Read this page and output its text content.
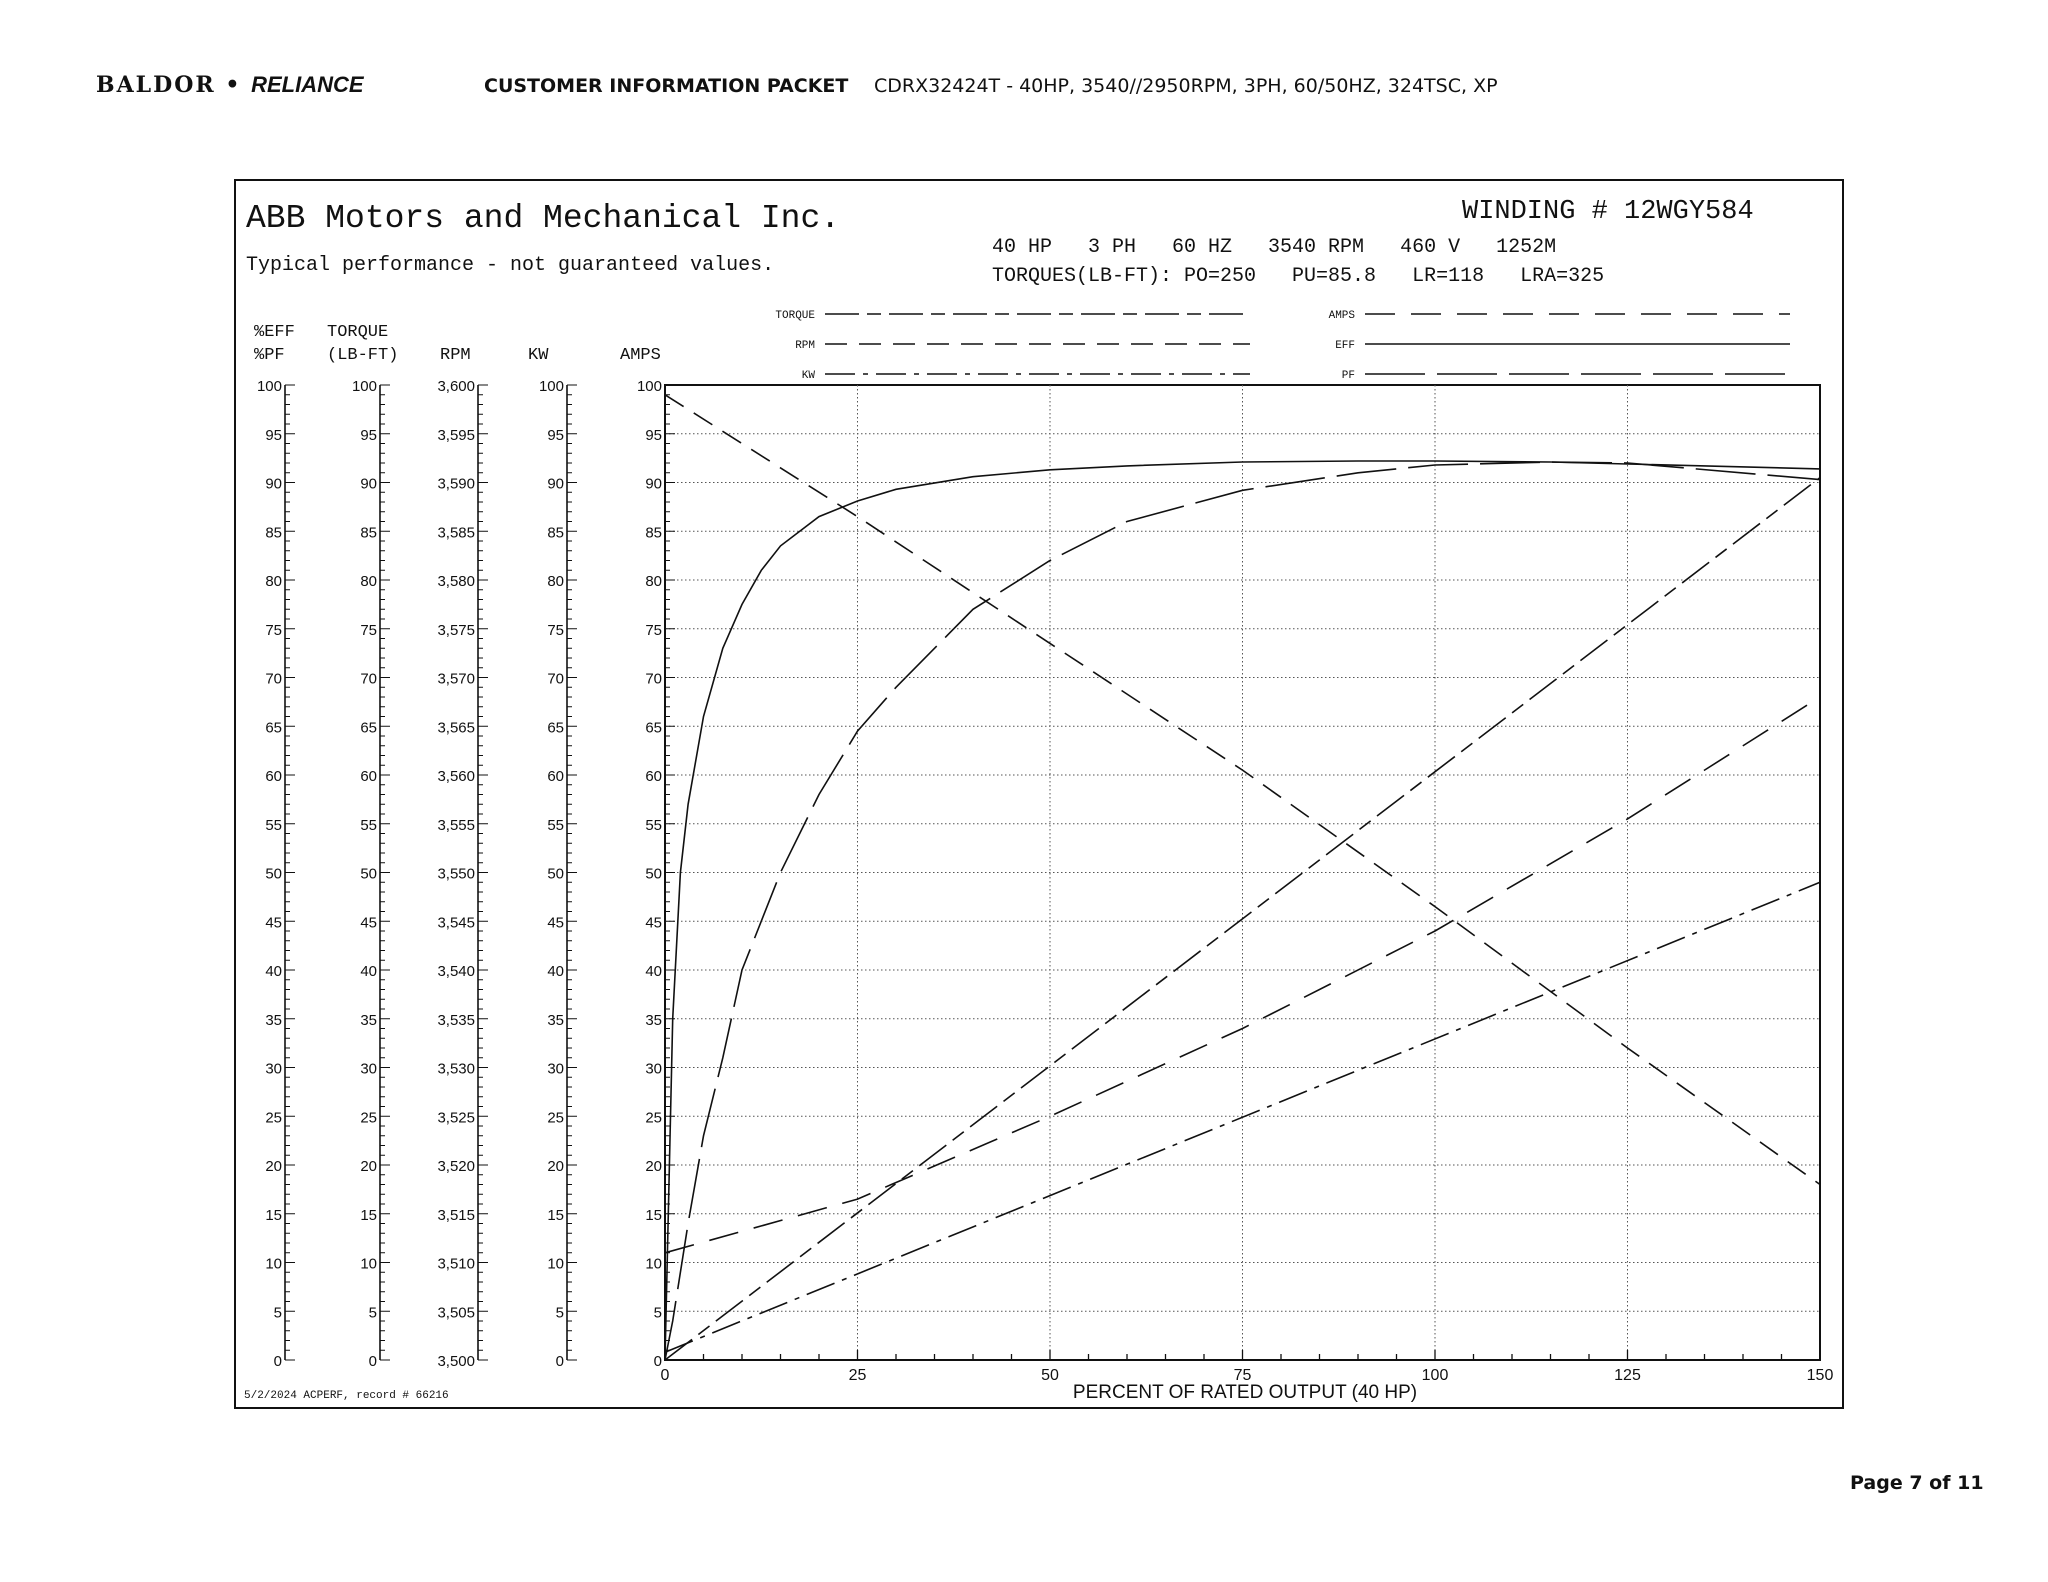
BALDOR • RELIANCE	CUSTOMER INFORMATION PACKET CDRX32424T - 40HP, 3540//2950RPM, 3PH, 60/50HZ, 324TSC, XP
ABB Motors and Mechanical Inc.
Typical performance - not guaranteed values.
WINDING # 12WGY584
40 HP   3 PH   60 HZ   3540 RPM   460 V   1252M
TORQUES(LB-FT): PO=250   PU=85.8   LR=118   LRA=325
PERCENT OF RATED OUTPUT (40 HP)
5/2/2024 ACPERF, record # 66216
0	25	50	75	100	125	150
100
95
90
85
80
75
70
65
60
55
50
45
40
35
30
25
20
15
10
5
0
%EFF
%PF
100
95
90
85
80
75
70
65
60
55
50
45
40
35
30
25
20
15
10
5
0
TORQUE
(LB-FT)
3,600
3,595
3,590
3,585
3,580
3,575
3,570
3,565
3,560
3,555
3,550
3,545
3,540
3,535
3,530
3,525
3,520
3,515
3,510
3,505
3,500
RPM
100
95
90
85
80
75
70
65
60
55
50
45
40
35
30
25
20
15
10
5
0
KW
100
95
90
85
80
75
70
65
60
55
50
45
40
35
30
25
20
15
10
5
0
AMPS
TORQUE
RPM
KW
AMPS
EFF
PF
Page 7 of 11
